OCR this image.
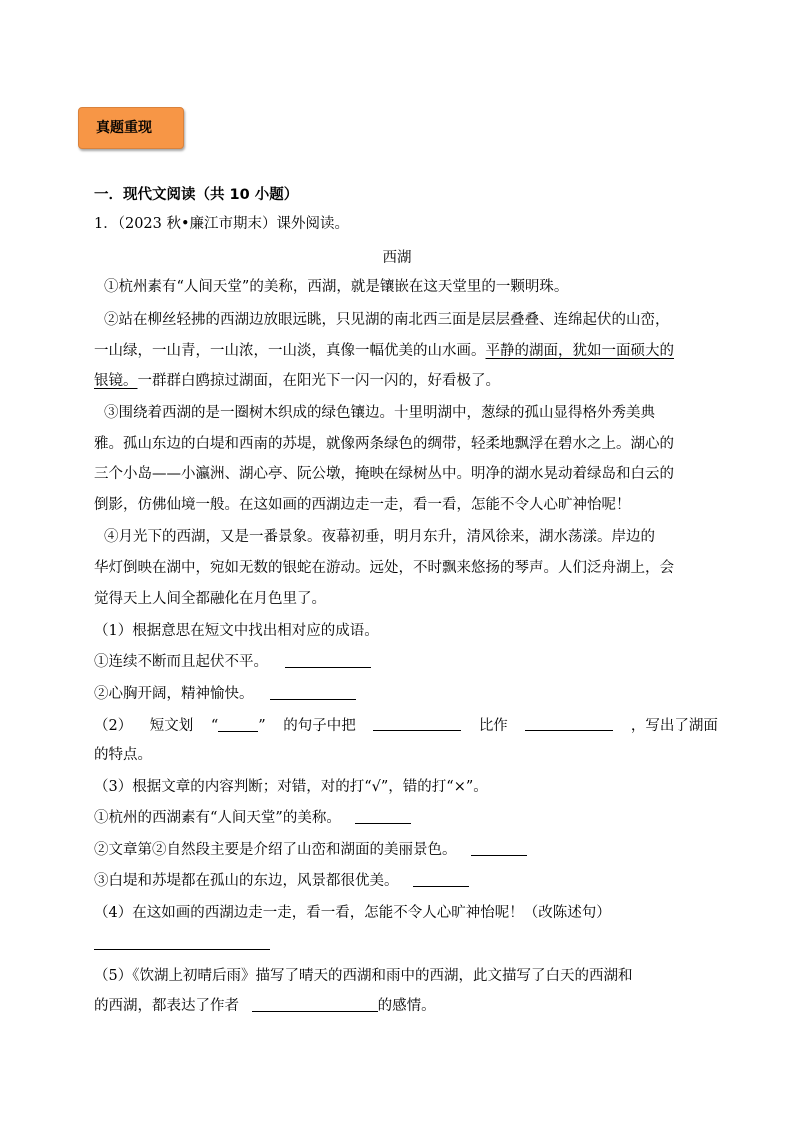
真题重现
一．现代文阅读（共 10 小题）
1．（2023 秋•廉江市期末）课外阅读。
西湖
①杭州素有“人间天堂”的美称，西湖，就是镶嵌在这天堂里的一颗明珠。
②站在柳丝轻拂的西湖边放眼远眺，只见湖的南北西三面是层层叠叠、连绵起伏的山峦，
一山绿，一山青，一山浓，一山淡，真像一幅优美的山水画。平静的湖面，犹如一面硕大的
银镜。一群群白鸥掠过湖面，在阳光下一闪一闪的，好看极了。
③围绕着西湖的是一圈树木织成的绿色镶边。十里明湖中，葱绿的孤山显得格外秀美典
雅。孤山东边的白堤和西南的苏堤，就像两条绿色的绸带，轻柔地飘浮在碧水之上。湖心的
三个小岛——小瀛洲、湖心亭、阮公墩，掩映在绿树丛中。明净的湖水晃动着绿岛和白云的
倒影，仿佛仙境一般。在这如画的西湖边走一走，看一看，怎能不令人心旷神怡呢！
④月光下的西湖，又是一番景象。夜幕初垂，明月东升，清风徐来，湖水荡漾。岸边的
华灯倒映在湖中，宛如无数的银蛇在游动。远处，不时飘来悠扬的琴声。人们泛舟湖上，会
觉得天上人间全都融化在月色里了。
（1）根据意思在短文中找出相对应的成语。
①连续不断而且起伏不平。
②心胸开阔，精神愉快。
（2） 短文划 “	” 的句子中把	比作	，写出了湖面
的特点。
（3）根据文章的内容判断；对错，对的打“√”，错的打“×”。
①杭州的西湖素有“人间天堂”的美称。
②文章第②自然段主要是介绍了山峦和湖面的美丽景色。
③白堤和苏堤都在孤山的东边，风景都很优美。
（4）在这如画的西湖边走一走，看一看，怎能不令人心旷神怡呢！（改陈述句）
（5）《饮湖上初晴后雨》描写了晴天的西湖和雨中的西湖，此文描写了白天的西湖和
的西湖，都表达了作者	的感情。
